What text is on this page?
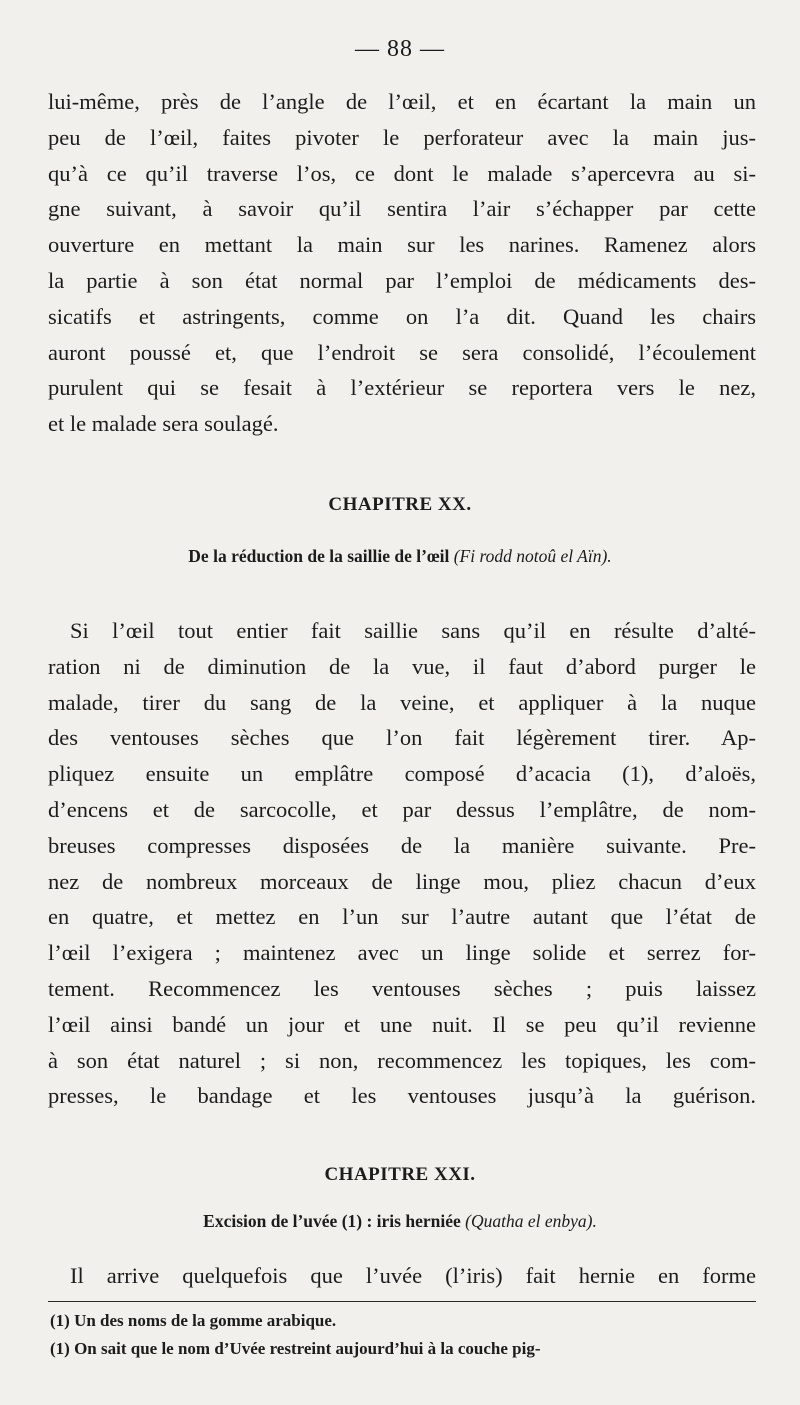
— 88 —
lui-même, près de l’angle de l’œil, et en écartant la main un
peu de l’œil, faites pivoter le perforateur avec la main jus-
qu’à ce qu’il traverse l’os, ce dont le malade s’apercevra au si-
gne suivant, à savoir qu’il sentira l’air s’échapper par cette
ouverture en mettant la main sur les narines. Ramenez alors
la partie à son état normal par l’emploi de médicaments des-
sicatifs et astringents, comme on l’a dit. Quand les chairs
auront poussé et, que l’endroit se sera consolidé, l’écoulement
purulent qui se fesait à l’extérieur se reportera vers le nez,
et le malade sera soulagé.
CHAPITRE XX.
De la réduction de la saillie de l’œil (Fi rodd notoû el Aïn).
Si l’œil tout entier fait saillie sans qu’il en résulte d’alté-
ration ni de diminution de la vue, il faut d’abord purger le
malade, tirer du sang de la veine, et appliquer à la nuque
des ventouses sèches que l’on fait légèrement tirer. Ap-
pliquez ensuite un emplâtre composé d’acacia (1), d’aloës,
d’encens et de sarcocolle, et par dessus l’emplâtre, de nom-
breuses compresses disposées de la manière suivante. Pre-
nez de nombreux morceaux de linge mou, pliez chacun d’eux
en quatre, et mettez en l’un sur l’autre autant que l’état de
l’œil l’exigera ; maintenez avec un linge solide et serrez for-
tement. Recommencez les ventouses sèches ; puis laissez
l’œil ainsi bandé un jour et une nuit. Il se peu qu’il revienne
à son état naturel ; si non, recommencez les topiques, les com-
presses, le bandage et les ventouses jusqu’à la guérison.
CHAPITRE XXI.
Excision de l’uvée (1) : iris herniée (Quatha el enbya).
Il arrive quelquefois que l’uvée (l’iris) fait hernie en forme
(1) Un des noms de la gomme arabique.
(1) On sait que le nom d’Uvée restreint aujourd’hui à la couche pig-
